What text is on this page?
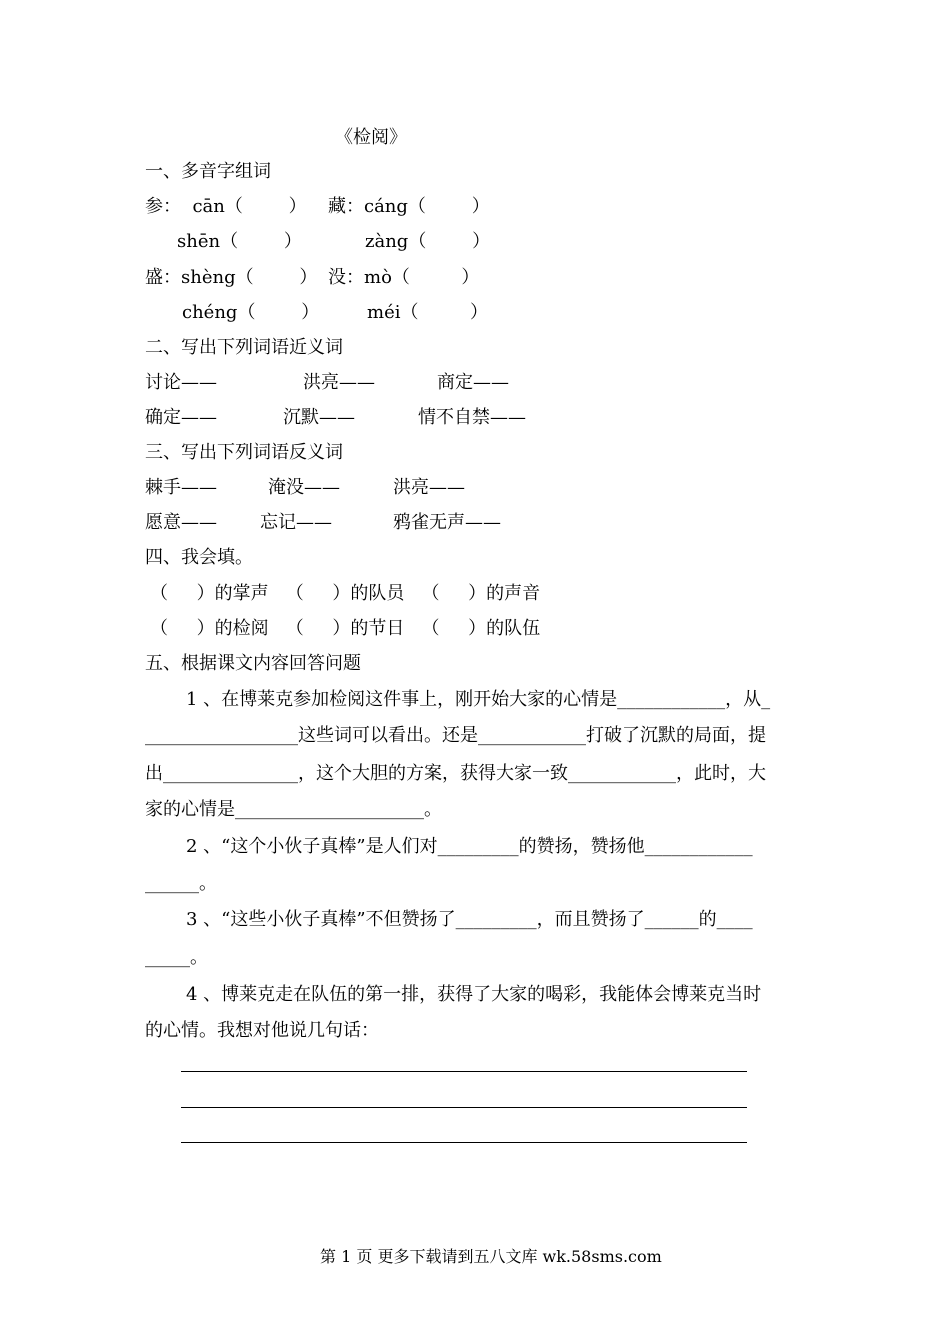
《检阅》
一、多音字组词
参：  cān（        ） 藏：cáng（        ）
shēn（        ）	zàng（        ）
盛：shèng（        ） 没：mò（         ）
chéng（        ）	méi（         ）
二、写出下列词语近义词
讨论——	洪亮——	商定——
确定——	沉默——	情不自禁——
三、写出下列词语反义词
棘手——	淹没——	洪亮——
愿意—— 忘记——	鸦雀无声——
四、我会填。
（     ）的掌声   （     ）的队员   （     ）的声音
（     ）的检阅   （     ）的节日   （     ）的队伍
五、根据课文内容回答问题
1 、在博莱克参加检阅这件事上，刚开始大家的心情是____________，从_
_________________这些词可以看出。还是____________打破了沉默的局面，提
出_______________，这个大胆的方案，获得大家一致____________，此时，大
家的心情是_____________________。
2 、“这个小伙子真棒”是人们对_________的赞扬，赞扬他____________
______。
3 、“这些小伙子真棒”不但赞扬了_________，而且赞扬了______的____
_____。
4 、博莱克走在队伍的第一排，获得了大家的喝彩，我能体会博莱克当时
的心情。我想对他说几句话：
第 1 页 更多下载请到五八文库 wk.58sms.com
